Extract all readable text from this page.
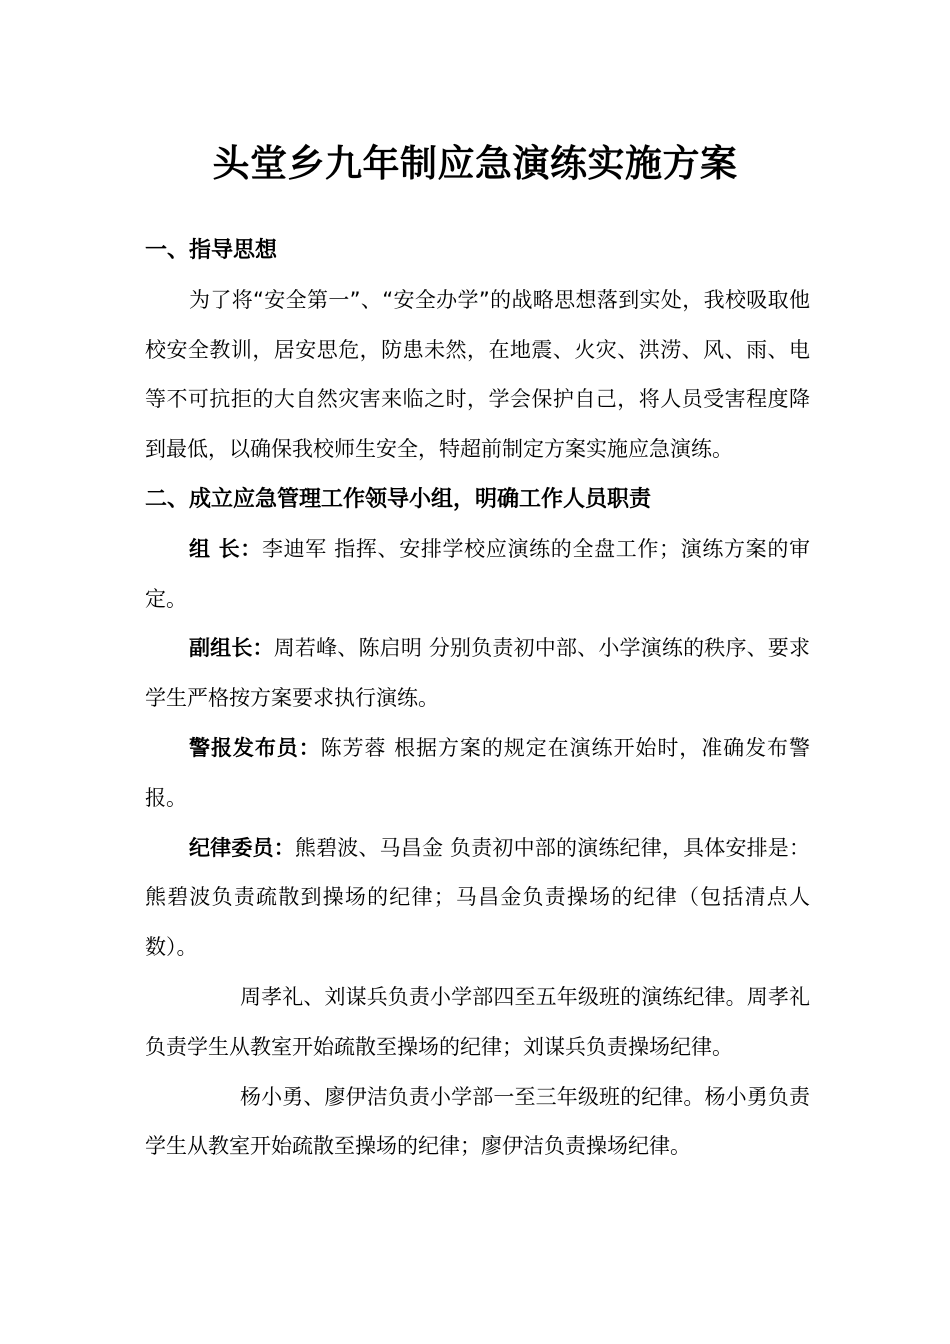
头堂乡九年制应急演练实施方案

一、指导思想

为了将“安全第一”、“安全办学”的战略思想落到实处，我校吸取他校安全教训，居安思危，防患未然，在地震、火灾、洪涝、风、雨、电等不可抗拒的大自然灾害来临之时，学会保护自己，将人员受害程度降到最低，以确保我校师生安全，特超前制定方案实施应急演练。

二、成立应急管理工作领导小组，明确工作人员职责

组 长：李迪军 指挥、安排学校应演练的全盘工作；演练方案的审定。

副组长：周若峰、陈启明 分别负责初中部、小学演练的秩序、要求学生严格按方案要求执行演练。

警报发布员：陈芳蓉 根据方案的规定在演练开始时，准确发布警报。

纪律委员：熊碧波、马昌金 负责初中部的演练纪律，具体安排是：熊碧波负责疏散到操场的纪律；马昌金负责操场的纪律（包括清点人数）。

周孝礼、刘谋兵负责小学部四至五年级班的演练纪律。周孝礼负责学生从教室开始疏散至操场的纪律；刘谋兵负责操场纪律。

杨小勇、廖伊洁负责小学部一至三年级班的纪律。杨小勇负责学生从教室开始疏散至操场的纪律；廖伊洁负责操场纪律。
